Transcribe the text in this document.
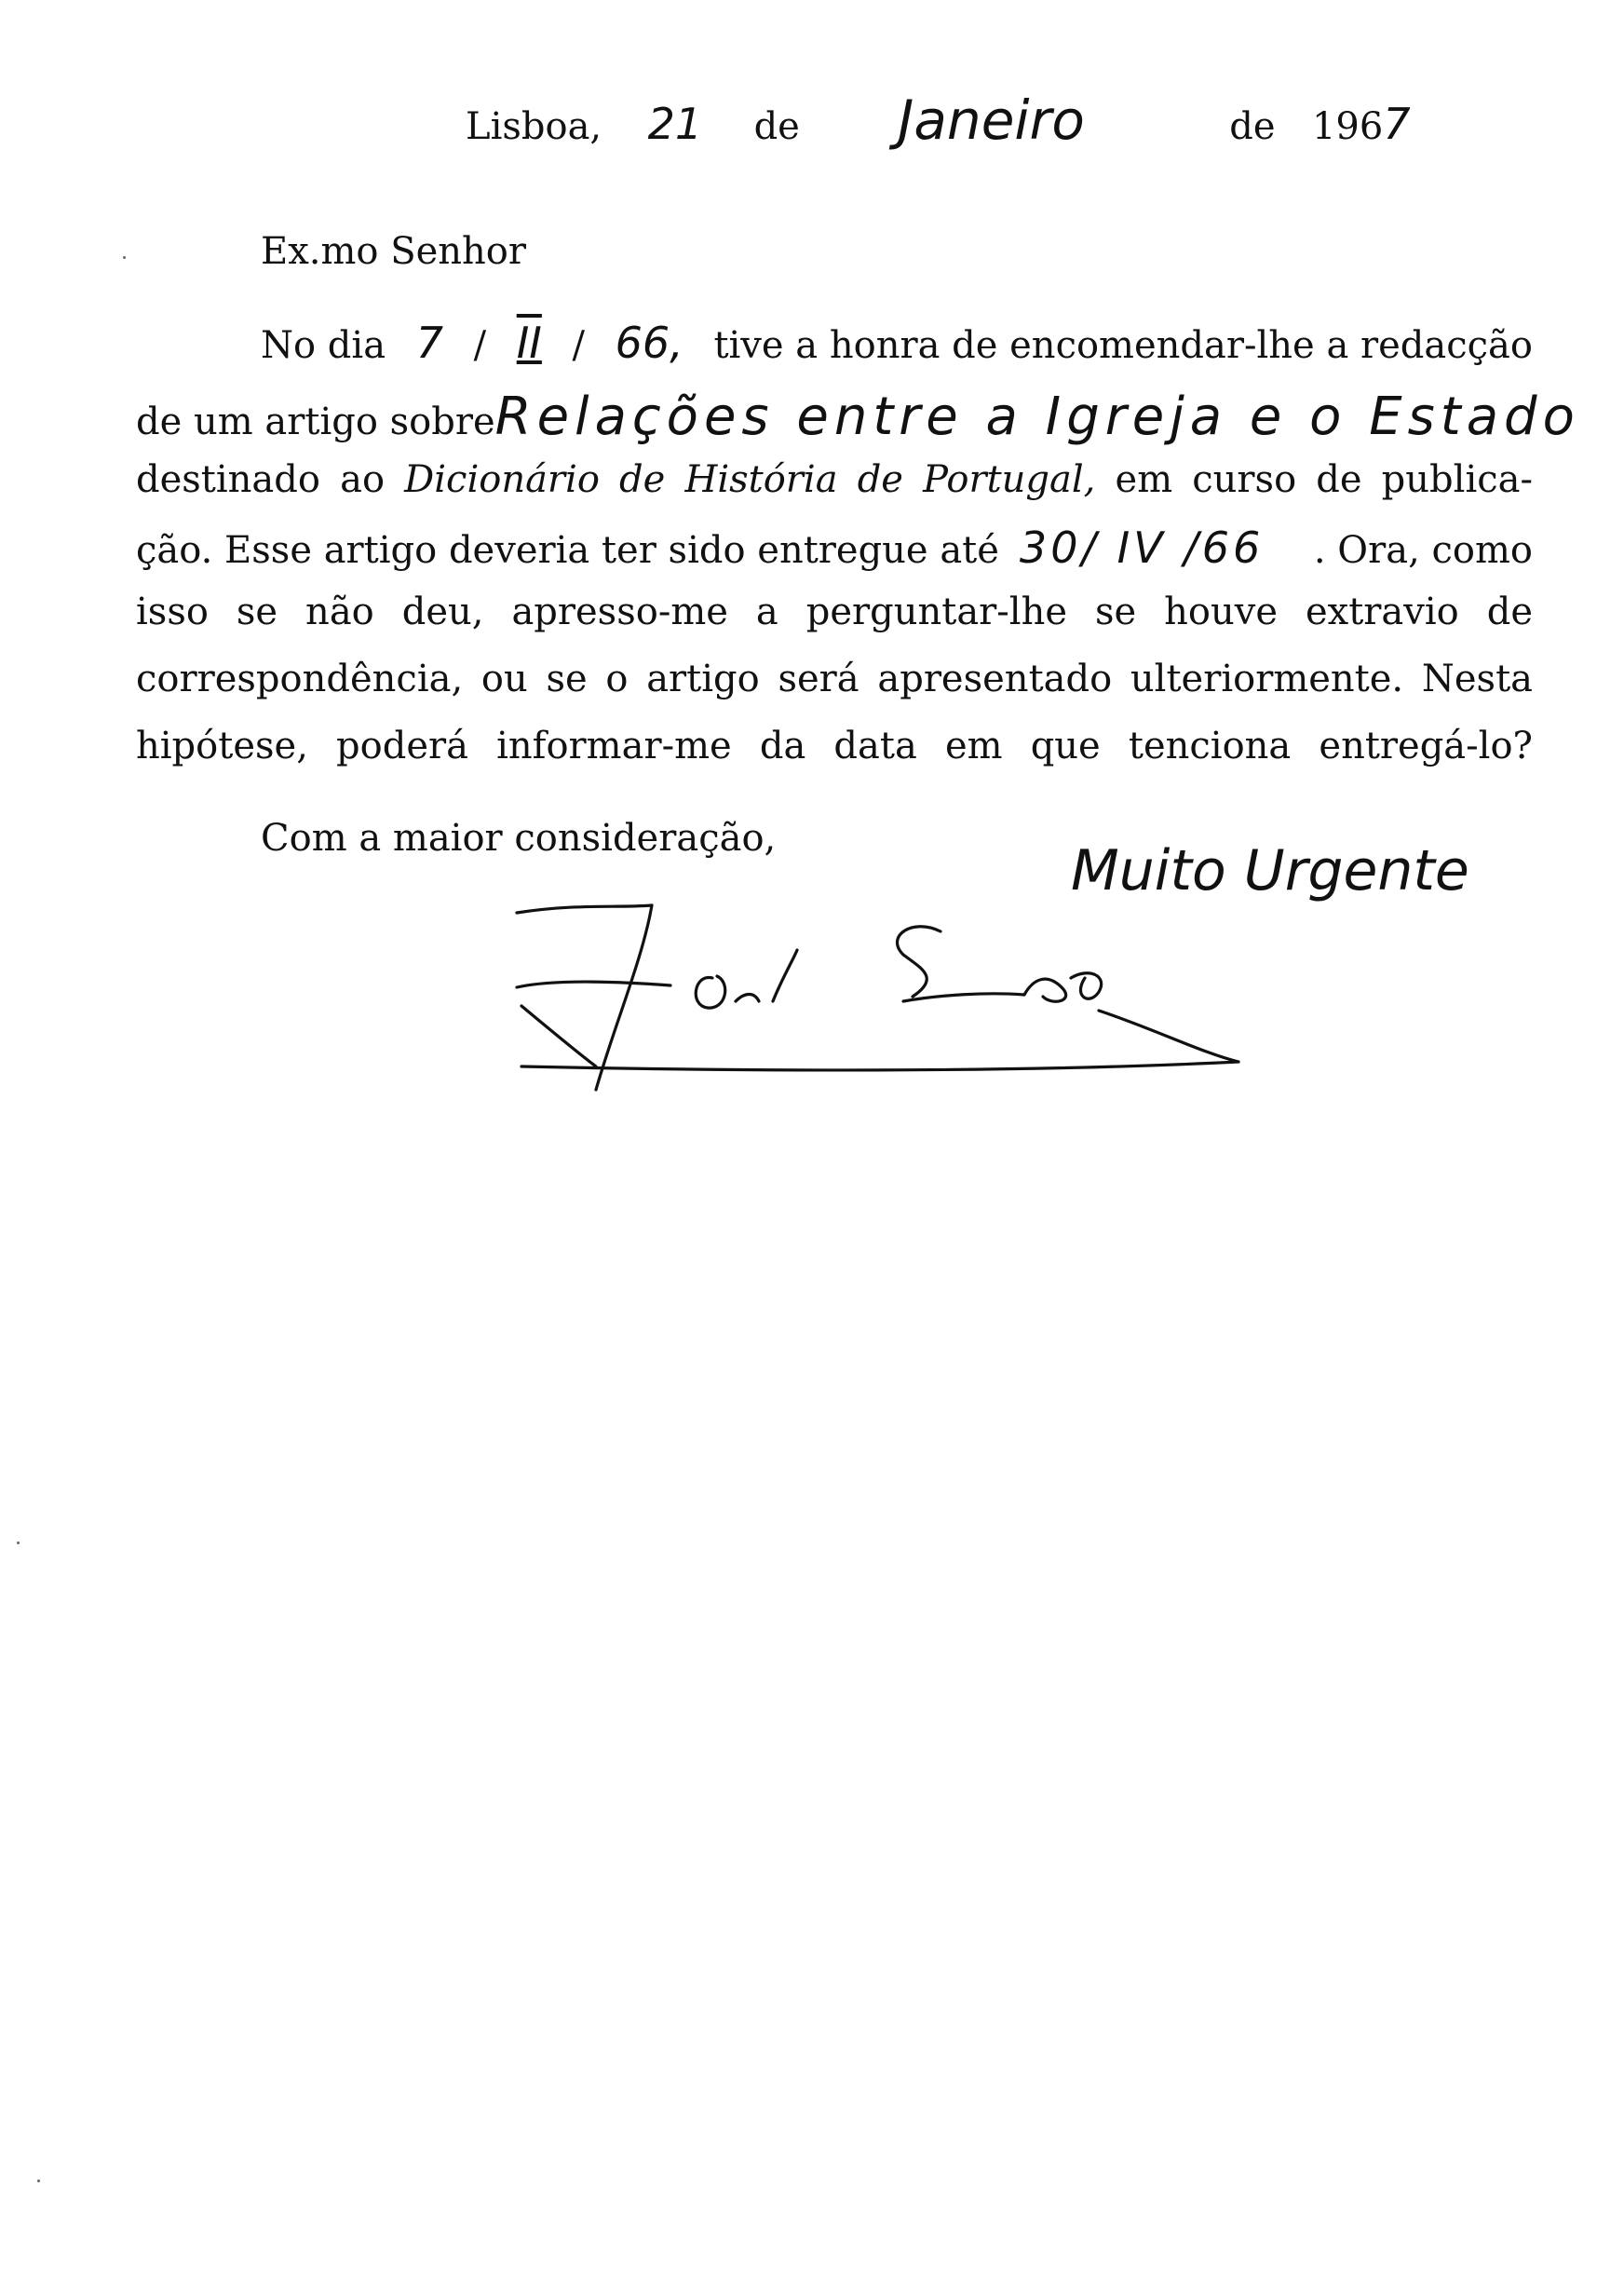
Lisboa, 21 de Janeiro	de 1967
Ex.mo Senhor
No dia 7 / II / 66, tive a honra de encomendar-lhe a redacção
de um artigo sobre Relações entre a Igreja e o Estado
destinado ao Dicionário de História de Portugal, em curso de publica-
ção. Esse artigo deveria ter sido entregue até 30/ IV /66 . Ora, como
isso se não deu, apresso-me a perguntar-lhe se houve extravio de
correspondência, ou se o artigo será apresentado ulteriormente. Nesta
hipótese, poderá informar-me da data em que tenciona entregá-lo?
Com a maior consideração,	Muito Urgente
